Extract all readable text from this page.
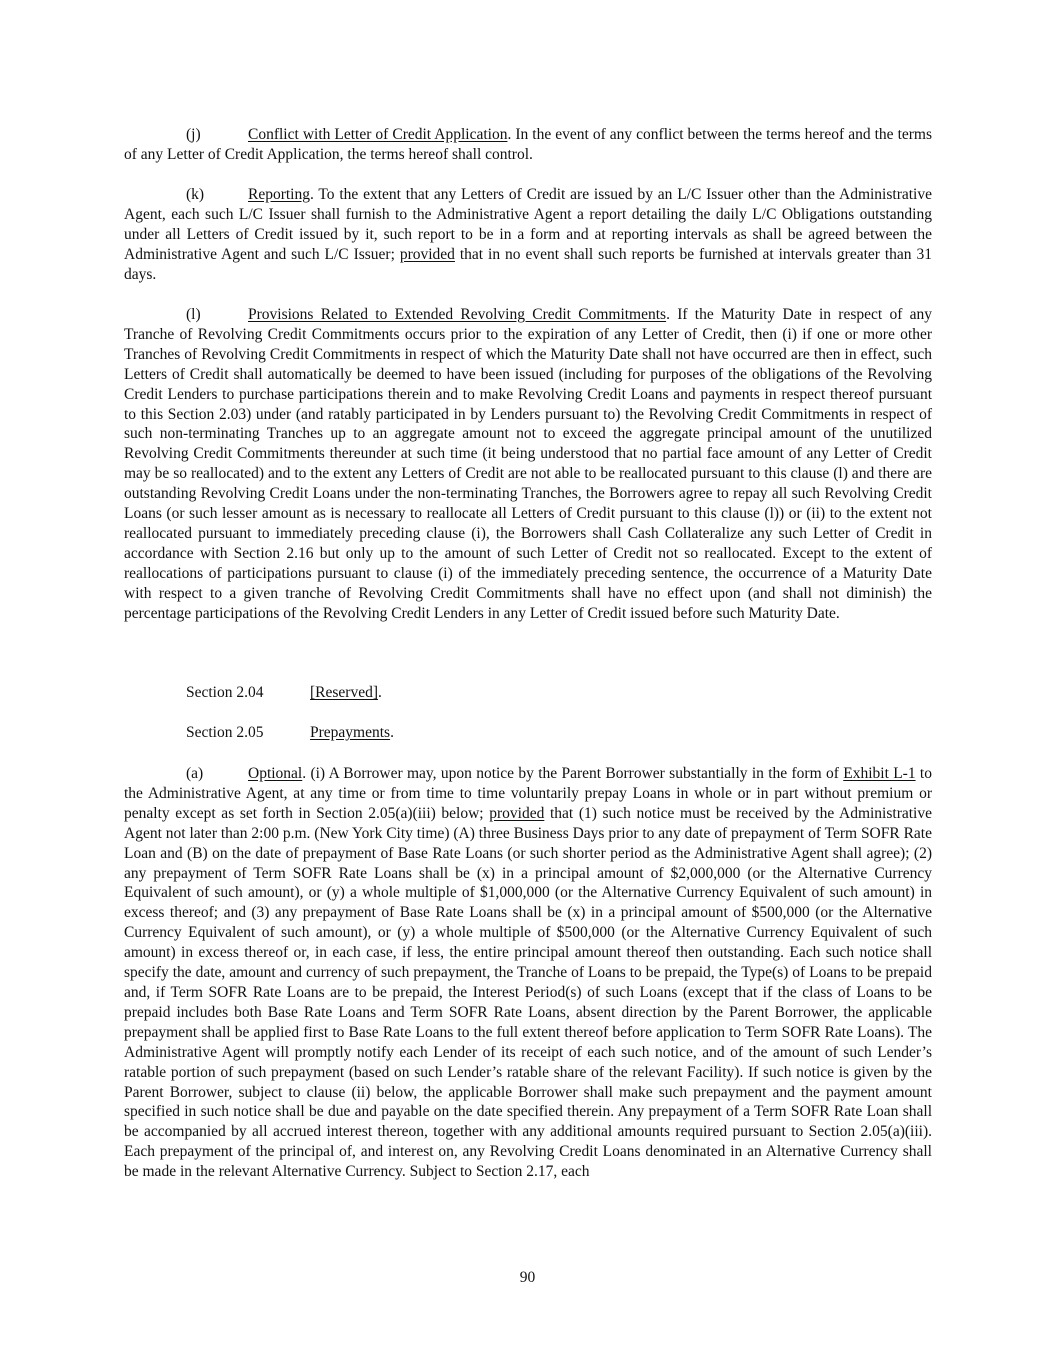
(j)	Conflict with Letter of Credit Application. In the event of any conflict between the terms hereof and the terms of any Letter of Credit Application, the terms hereof shall control.

(k)	Reporting. To the extent that any Letters of Credit are issued by an L/C Issuer other than the Administrative Agent, each such L/C Issuer shall furnish to the Administrative Agent a report detailing the daily L/C Obligations outstanding under all Letters of Credit issued by it, such report to be in a form and at reporting intervals as shall be agreed between the Administrative Agent and such L/C Issuer; provided that in no event shall such reports be furnished at intervals greater than 31 days.

(l)	Provisions Related to Extended Revolving Credit Commitments. If the Maturity Date in respect of any Tranche of Revolving Credit Commitments occurs prior to the expiration of any Letter of Credit, then (i) if one or more other Tranches of Revolving Credit Commitments in respect of which the Maturity Date shall not have occurred are then in effect, such Letters of Credit shall automatically be deemed to have been issued (including for purposes of the obligations of the Revolving Credit Lenders to purchase participations therein and to make Revolving Credit Loans and payments in respect thereof pursuant to this Section 2.03) under (and ratably participated in by Lenders pursuant to) the Revolving Credit Commitments in respect of such non-terminating Tranches up to an aggregate amount not to exceed the aggregate principal amount of the unutilized Revolving Credit Commitments thereunder at such time (it being understood that no partial face amount of any Letter of Credit may be so reallocated) and to the extent any Letters of Credit are not able to be reallocated pursuant to this clause (l) and there are outstanding Revolving Credit Loans under the non-terminating Tranches, the Borrowers agree to repay all such Revolving Credit Loans (or such lesser amount as is necessary to reallocate all Letters of Credit pursuant to this clause (l)) or (ii) to the extent not reallocated pursuant to immediately preceding clause (i), the Borrowers shall Cash Collateralize any such Letter of Credit in accordance with Section 2.16 but only up to the amount of such Letter of Credit not so reallocated. Except to the extent of reallocations of participations pursuant to clause (i) of the immediately preceding sentence, the occurrence of a Maturity Date with respect to a given tranche of Revolving Credit Commitments shall have no effect upon (and shall not diminish) the percentage participations of the Revolving Credit Lenders in any Letter of Credit issued before such Maturity Date.

Section 2.04	[Reserved].

Section 2.05	Prepayments.

(a)	Optional. (i) A Borrower may, upon notice by the Parent Borrower substantially in the form of Exhibit L-1 to the Administrative Agent, at any time or from time to time voluntarily prepay Loans in whole or in part without premium or penalty except as set forth in Section 2.05(a)(iii) below; provided that (1) such notice must be received by the Administrative Agent not later than 2:00 p.m. (New York City time) (A) three Business Days prior to any date of prepayment of Term SOFR Rate Loan and (B) on the date of prepayment of Base Rate Loans (or such shorter period as the Administrative Agent shall agree); (2) any prepayment of Term SOFR Rate Loans shall be (x) in a principal amount of $2,000,000 (or the Alternative Currency Equivalent of such amount), or (y) a whole multiple of $1,000,000 (or the Alternative Currency Equivalent of such amount) in excess thereof; and (3) any prepayment of Base Rate Loans shall be (x) in a principal amount of $500,000 (or the Alternative Currency Equivalent of such amount), or (y) a whole multiple of $500,000 (or the Alternative Currency Equivalent of such amount) in excess thereof or, in each case, if less, the entire principal amount thereof then outstanding. Each such notice shall specify the date, amount and currency of such prepayment, the Tranche of Loans to be prepaid, the Type(s) of Loans to be prepaid and, if Term SOFR Rate Loans are to be prepaid, the Interest Period(s) of such Loans (except that if the class of Loans to be prepaid includes both Base Rate Loans and Term SOFR Rate Loans, absent direction by the Parent Borrower, the applicable prepayment shall be applied first to Base Rate Loans to the full extent thereof before application to Term SOFR Rate Loans). The Administrative Agent will promptly notify each Lender of its receipt of each such notice, and of the amount of such Lender’s ratable portion of such prepayment (based on such Lender’s ratable share of the relevant Facility). If such notice is given by the Parent Borrower, subject to clause (ii) below, the applicable Borrower shall make such prepayment and the payment amount specified in such notice shall be due and payable on the date specified therein. Any prepayment of a Term SOFR Rate Loan shall be accompanied by all accrued interest thereon, together with any additional amounts required pursuant to Section 2.05(a)(iii). Each prepayment of the principal of, and interest on, any Revolving Credit Loans denominated in an Alternative Currency shall be made in the relevant Alternative Currency. Subject to Section 2.17, each

90
